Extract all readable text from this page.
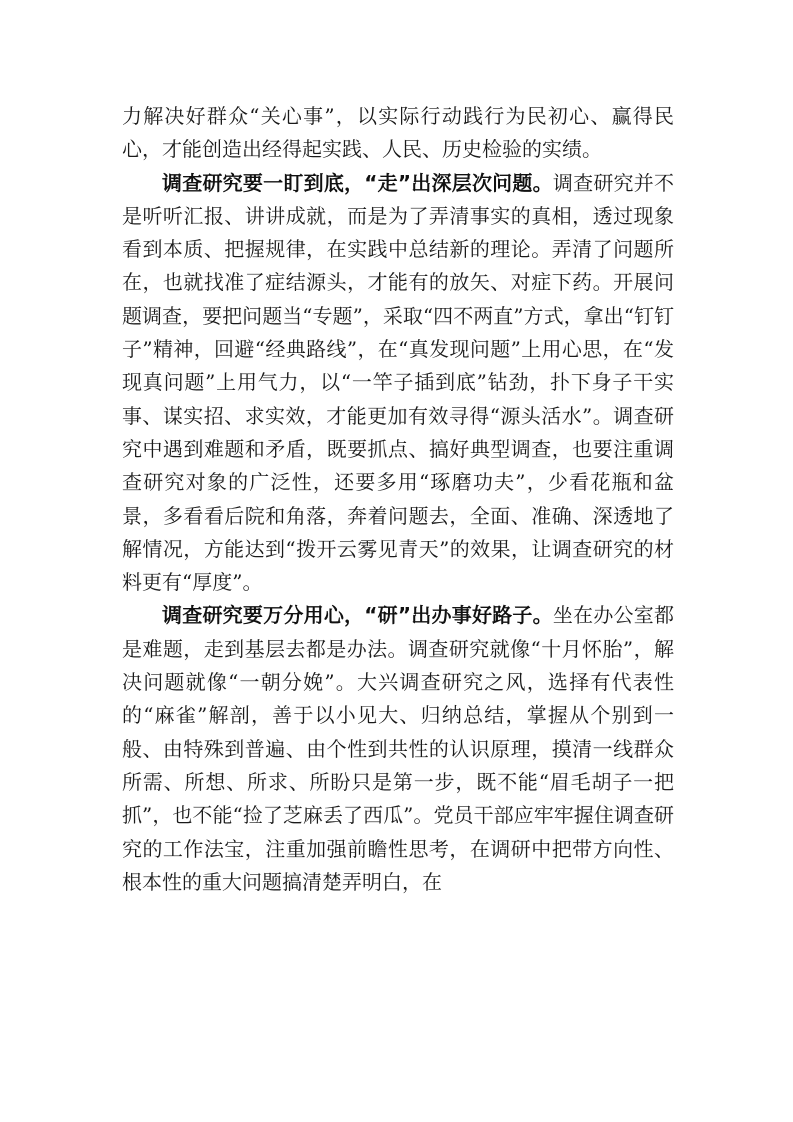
力解决好群众“关心事”，以实际行动践行为民初心、赢得民心，才能创造出经得起实践、人民、历史检验的实绩。

调查研究要一盯到底，“走”出深层次问题。调查研究并不是听听汇报、讲讲成就，而是为了弄清事实的真相，透过现象看到本质、把握规律，在实践中总结新的理论。弄清了问题所在，也就找准了症结源头，才能有的放矢、对症下药。开展问题调查，要把问题当“专题”，采取“四不两直”方式，拿出“钉钉子”精神，回避“经典路线”，在“真发现问题”上用心思，在“发现真问题”上用气力，以“一竿子插到底”钻劲，扑下身子干实事、谋实招、求实效，才能更加有效寻得“源头活水”。调查研究中遇到难题和矛盾，既要抓点、搞好典型调查，也要注重调查研究对象的广泛性，还要多用“琢磨功夫”，少看花瓶和盆景，多看看后院和角落，奔着问题去，全面、准确、深透地了解情况，方能达到“拨开云雾见青天”的效果，让调查研究的材料更有“厚度”。

调查研究要万分用心，“研”出办事好路子。坐在办公室都是难题，走到基层去都是办法。调查研究就像“十月怀胎”，解决问题就像“一朝分娩”。大兴调查研究之风，选择有代表性的“麻雀”解剖，善于以小见大、归纳总结，掌握从个别到一般、由特殊到普遍、由个性到共性的认识原理，摸清一线群众所需、所想、所求、所盼只是第一步，既不能“眉毛胡子一把抓”，也不能“捡了芝麻丢了西瓜”。党员干部应牢牢握住调查研究的工作法宝，注重加强前瞻性思考，在调研中把带方向性、根本性的重大问题搞清楚弄明白，在
